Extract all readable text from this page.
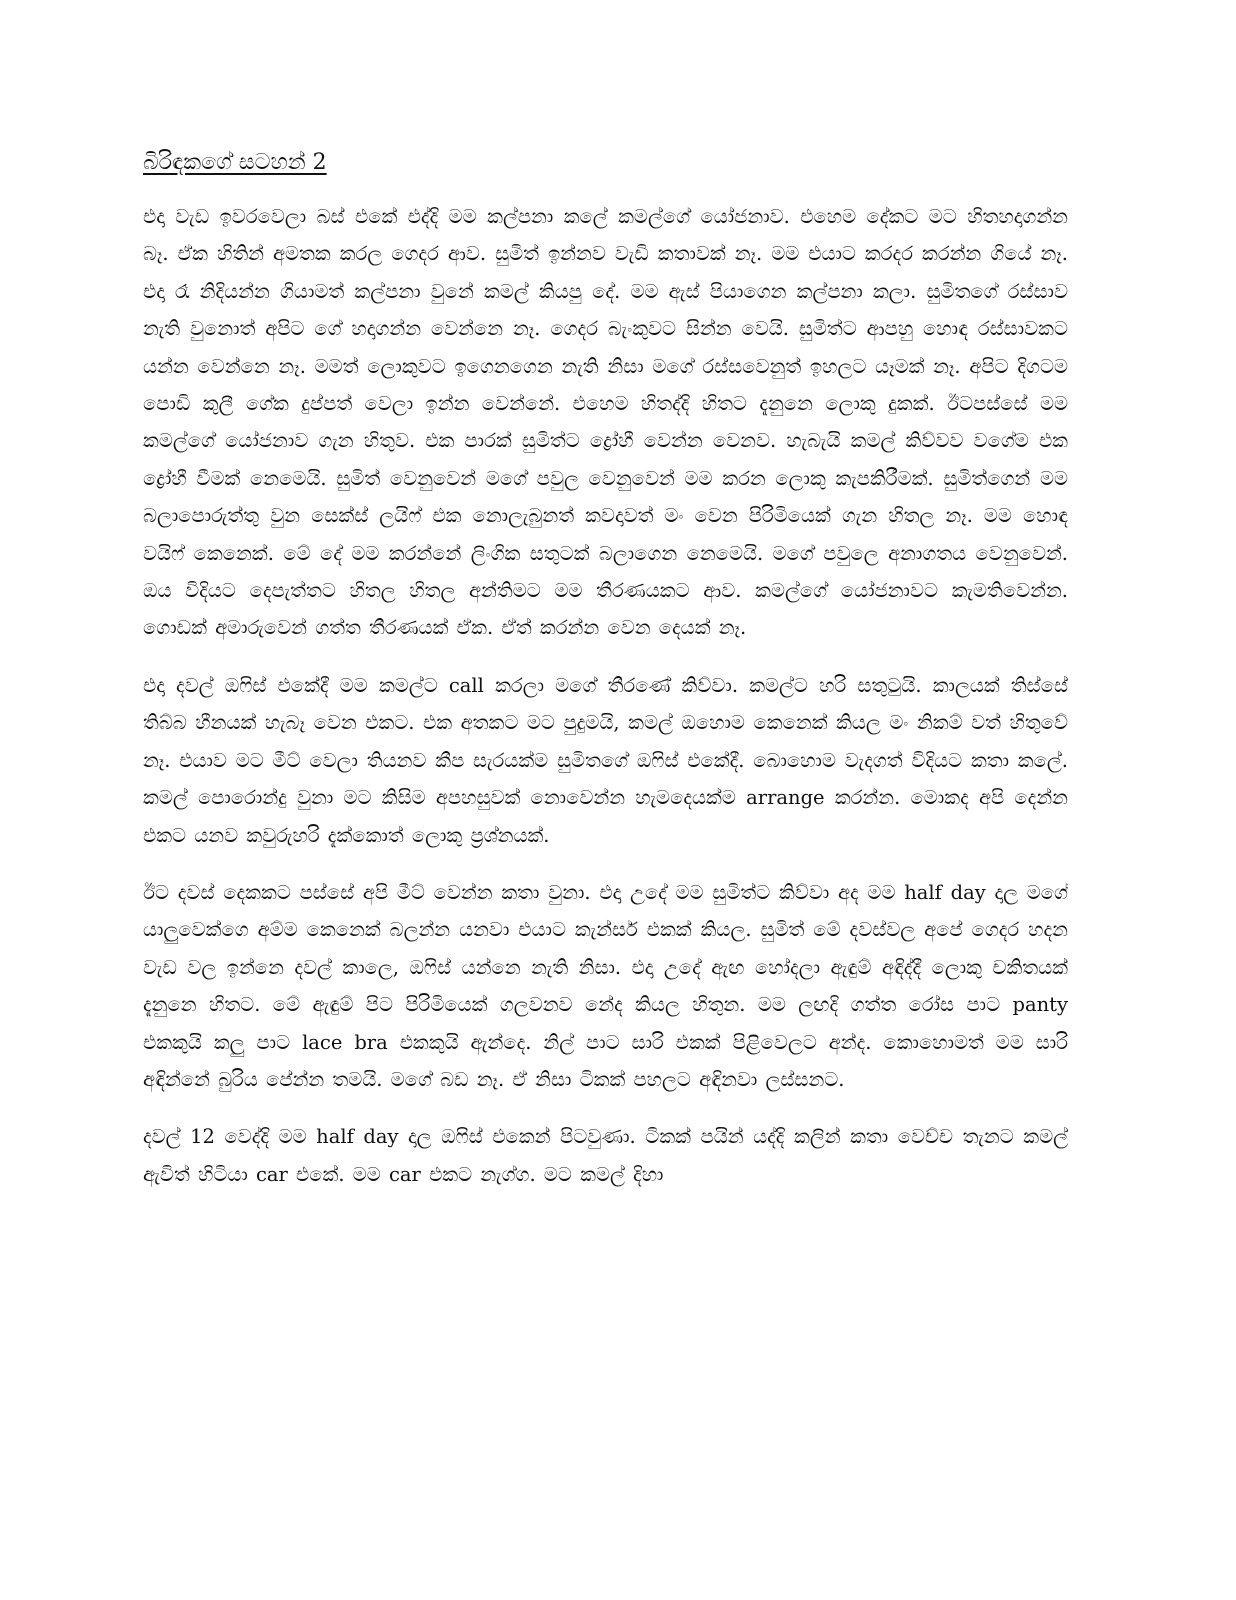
බිරිඳකගේ සටහන් 2

එදා වැඩ ඉවරවෙලා බස් එකේ එද්දි මම කල්පනා කලේ කමල්ගේ යෝජනාව. එහෙම දේකට මට හිතහදාගන්න බෑ. ඒක හිතින් අමතක කරල ගෙදර ආව. සුමිත් ඉන්නව වැඩි කතාවක් නෑ. මම එයාට කරදර කරන්න ගියේ නෑ. එදා රෑ නිදියන්න ගියාමත් කල්පනා වුනේ කමල් කියපු දේ. මම ඇස් පියාගෙන කල්පනා කලා. සුමිතගේ රස්සාව නැති වුනොත් අපිට ගේ හදාගන්න වෙන්නෙ නෑ. ගෙදර බැංකුවට සින්න වෙයි. සුමිත්ට ආපහු හොඳ රස්සාවකට යන්න වෙන්නෙ නෑ. මමත් ලොකුවට ඉගෙනගෙන නැති නිසා මගේ රස්සවෙනුත් ඉහලට යෑමක් නෑ. අපිට දිගටම පොඩි කුලී ගේක දුප්පත් වෙලා ඉන්න වෙන්නේ. එහෙම හිතද්දි හිතට දැනුනෙ ලොකු දුකක්. ඊටපස්සේ මම කමල්ගේ යෝජනාව ගැන හිතුව. එක පාරක් සුමිත්ට ද්‍රෝහී වෙන්න වෙනව. හැබැයි කමල් කිව්වව වගේම එක ද්‍රෝහී වීමක් නෙමෙයි. සුමිත් වෙනුවෙන් මගේ පවුල වෙනුවෙන් මම කරන ලොකු කැපකිරීමක්. සුමිත්ගෙන් මම බලාපොරුත්තු වුන සෙක්ස් ලයිෆ් එක නොලැබුනත් කවදාවත් මං වෙන පිරිමියෙක් ගැන හිතල නෑ. මම හොඳ වයිෆ් කෙනෙක්. මේ දේ මම කරන්නේ ලිංගික සතුටක් බලාගෙන නෙමෙයි. මගේ පවුලෙ අනාගතය වෙනුවෙන්. ඔය විදියට දෙපැත්තට හිතල හිතල අන්තිමට මම තීරණයකට ආව. කමල්ගේ යෝජනාවට කැමතිවෙන්න. ගොඩක් අමාරුවෙන් ගත්ත තීරණයක් ඒක. ඒත් කරන්න වෙන දෙයක් නෑ.

එදා දවල් ඔෆිස් එකේදී මම කමල්ට call කරලා මගේ තීරණේ කිව්වා. කමල්ට හරි සතුටුයි. කාලයක් තිස්සේ තිබ්බ හීනයක් හැබෑ වෙන එකට. එක අතකට මට පුදුමයි, කමල් ඔහොම කෙනෙක් කියල මං නිකම් වත් හිතුවේ නෑ. එයාව මට මීට් වෙලා තියනව කීප සැරයක්ම සුමිතගේ ඔෆිස් එකේදී. බොහොම වැදගත් විදියට කතා කලේ. කමල් පොරොන්දු වුනා මට කිසිම අපහසුවක් නොවෙන්න හැමදෙයක්ම arrange කරන්න. මොකද අපි දෙන්න එකට යනව කවුරුහරි දැක්කොත් ලොකු ප්‍රශ්නයක්.

ඊට දවස් දෙකකට පස්සේ අපි මීට් වෙන්න කතා වුනා. එදා උදේ මම සුමිත්ට කිව්වා අද මම half day දාල මගේ යාලුවෙක්ගෙ අම්ම කෙනෙක් බලන්න යනවා එයාට කැන්සර් එකක් කියල. සුමිත් මේ දවස්වල අපේ ගෙදර හදන වැඩ වල ඉන්නෙ දවල් කාලෙ, ඔෆිස් යන්නෙ නැති නිසා. එදා උදේ ඇඟ හෝදලා ඇඳුම් අඳිද්දී ලොකු චකිතයක් දැනුනෙ හිතට. මේ ඇඳුම් පිට පිරිමියෙක් ගලවනව නේද කියල හිතුන. මම ලඟදි ගත්ත රෝස පාට panty එකකුයි කලු පාට lace bra එකකුයි ඇන්දෙ. නිල් පාට සාරි එකක් පිළිවෙලට අන්ද. කොහොමත් මම සාරි අඳින්නේ බුරිය පේන්න තමයි. මගේ බඩ නෑ. ඒ නිසා ටිකක් පහලට අඳිනවා ලස්සනට.

දවල් 12 වෙද්දි මම half day දාල ඔෆිස් එකෙන් පිටවුණා. ටිකක් පයින් යද්දි කලින් කතා වෙච්ච තැනට කමල් ඇවිත් හිටියා car එකේ. මම car එකට නැග්ග. මට කමල් දිහා
